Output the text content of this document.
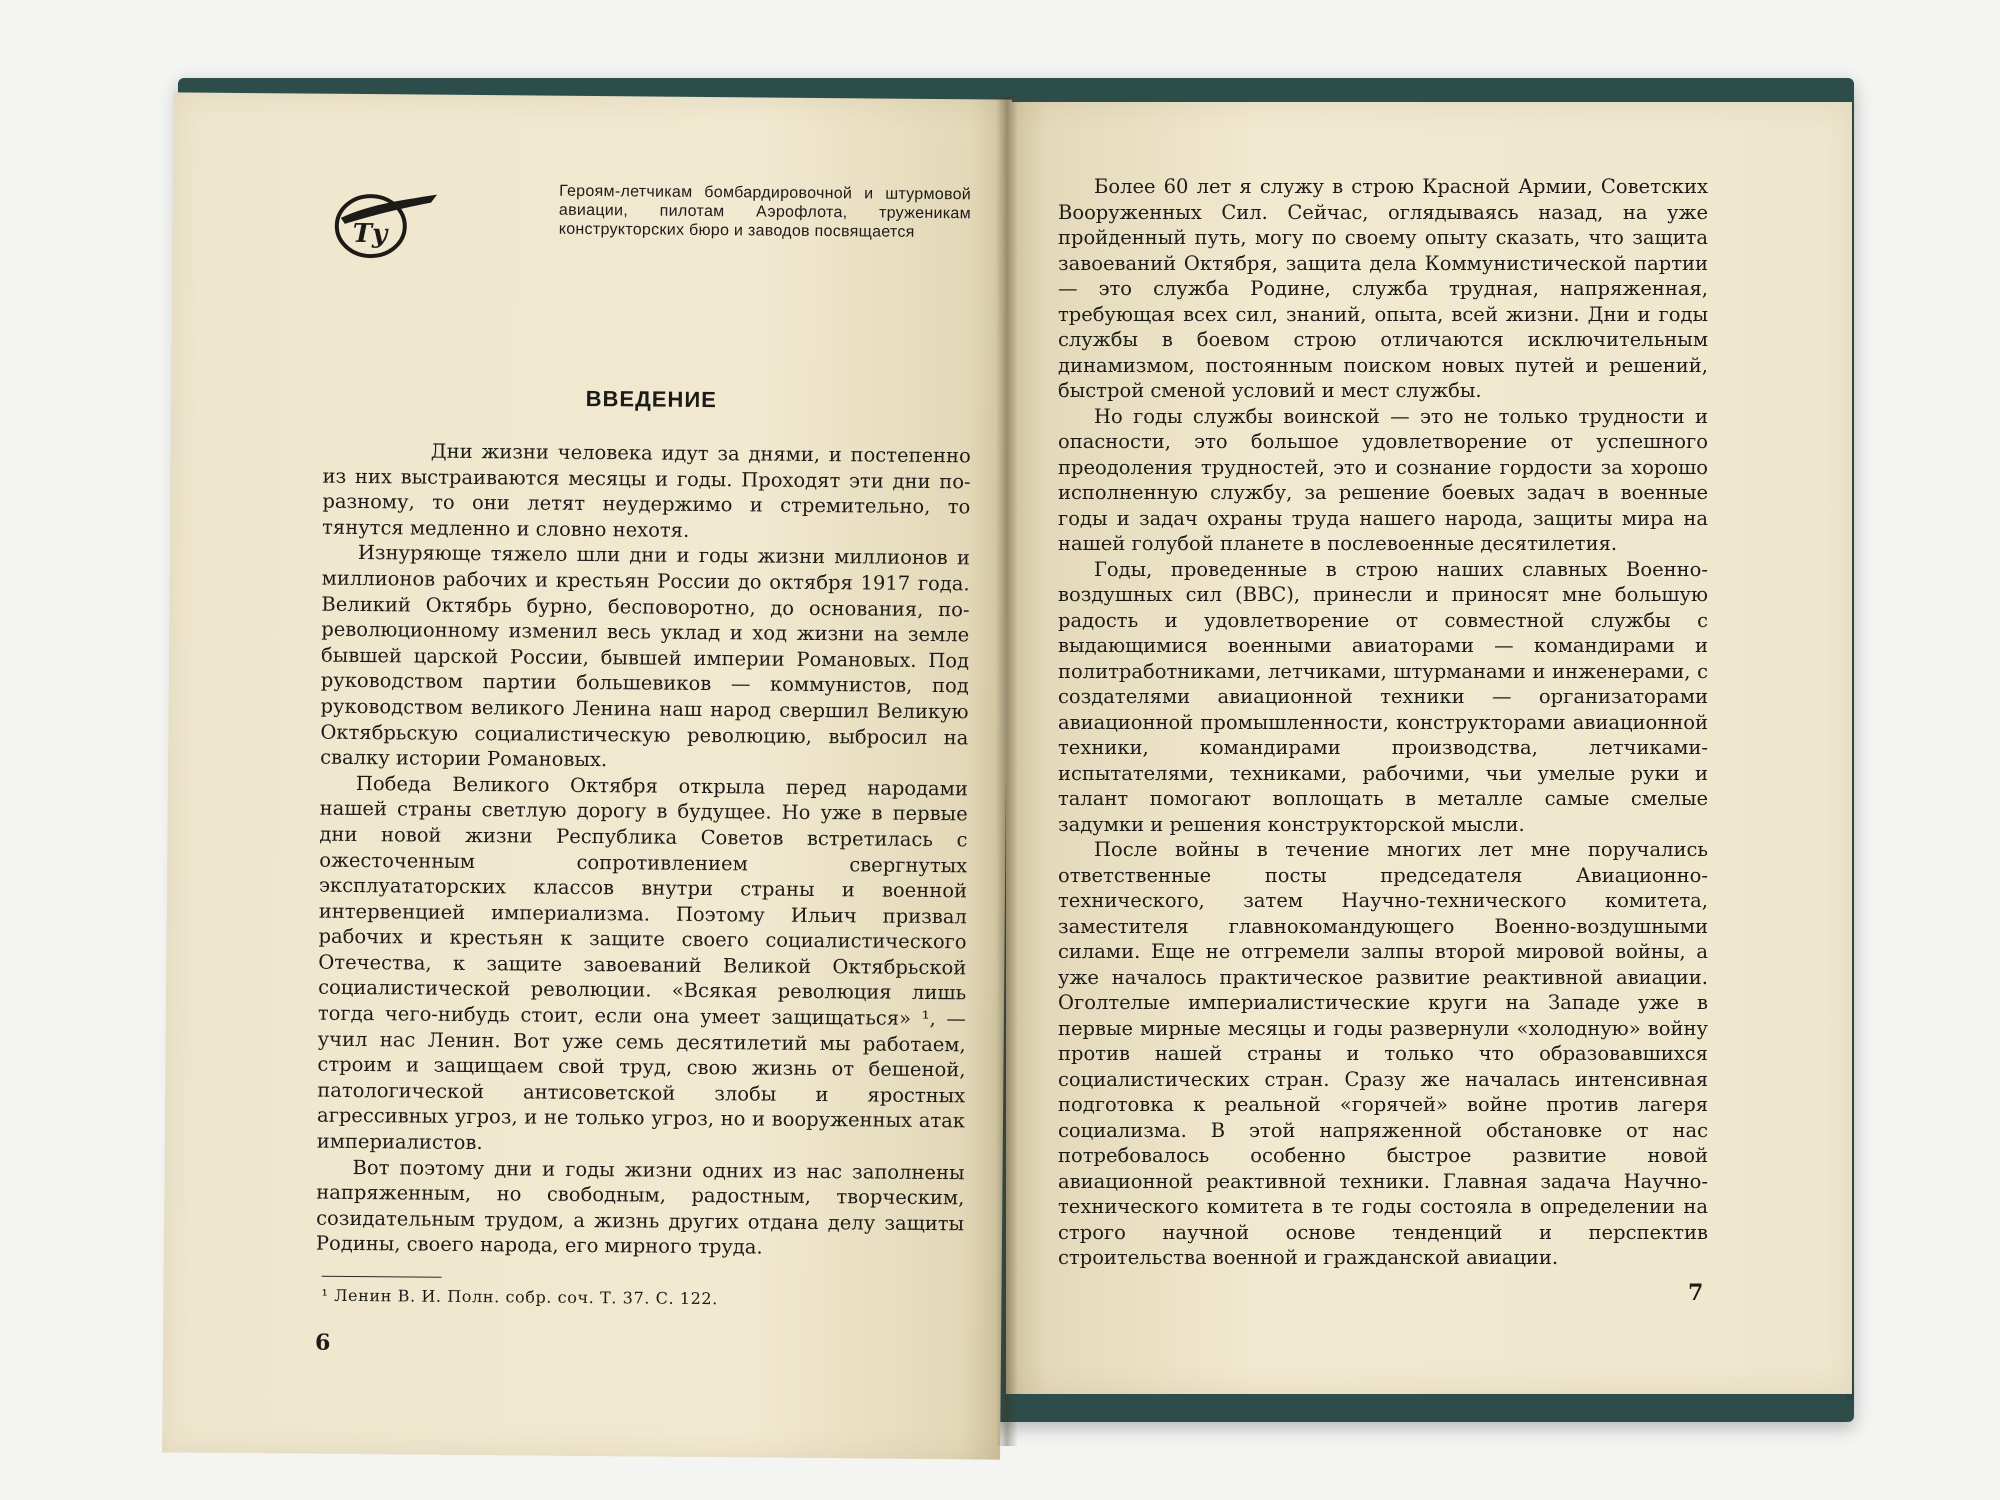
Ту
Героям-летчикам бомбардировочной и штурмовой авиации, пилотам Аэрофлота, труженикам конструкторских бюро и заводов посвящается
ВВЕДЕНИЕ

Дни жизни человека идут за днями, и постепенно из них выстраиваются месяцы и годы. Проходят эти дни по-разному, то они летят неудержимо и стремительно, то тянутся медленно и словно нехотя.

Изнуряюще тяжело шли дни и годы жизни миллионов и миллионов рабочих и крестьян России до октября 1917 года. Великий Октябрь бурно, бесповоротно, до основания, по-революционному изменил весь уклад и ход жизни на земле бывшей царской России, бывшей империи Романовых. Под руководством партии большевиков — коммунистов, под руководством великого Ленина наш народ свершил Великую Октябрьскую социалистическую революцию, выбросил на свалку истории Романовых.

Победа Великого Октября открыла перед народами нашей страны светлую дорогу в будущее. Но уже в первые дни новой жизни Республика Советов встретилась с ожесточенным сопротивлением свергнутых эксплуататорских классов внутри страны и военной интервенцией империализма. Поэтому Ильич призвал рабочих и крестьян к защите своего социалистического Отечества, к защите завоеваний Великой Октябрьской социалистической революции. «Всякая революция лишь тогда чего-нибудь стоит, если она умеет защищаться» ¹, — учил нас Ленин. Вот уже семь десятилетий мы работаем, строим и защищаем свой труд, свою жизнь от бешеной, патологической антисоветской злобы и яростных агрессивных угроз, и не только угроз, но и вооруженных атак империалистов.

Вот поэтому дни и годы жизни одних из нас заполнены напряженным, но свободным, радостным, творческим, созидательным трудом, а жизнь других отдана делу защиты Родины, своего народа, его мирного труда.

¹ Ленин В. И. Полн. собр. соч. Т. 37. С. 122.
6

Более 60 лет я служу в строю Красной Армии, Советских Вооруженных Сил. Сейчас, оглядываясь назад, на уже пройденный путь, могу по своему опыту сказать, что защита завоеваний Октября, защита дела Коммунистической партии — это служба Родине, служба трудная, напряженная, требующая всех сил, знаний, опыта, всей жизни. Дни и годы службы в боевом строю отличаются исключительным динамизмом, постоянным поиском новых путей и решений, быстрой сменой условий и мест службы.

Но годы службы воинской — это не только трудности и опасности, это большое удовлетворение от успешного преодоления трудностей, это и сознание гордости за хорошо исполненную службу, за решение боевых задач в военные годы и задач охраны труда нашего народа, защиты мира на нашей голубой планете в послевоенные десятилетия.

Годы, проведенные в строю наших славных Военно-воздушных сил (ВВС), принесли и приносят мне большую радость и удовлетворение от совместной службы с выдающимися военными авиаторами — командирами и политработниками, летчиками, штурманами и инженерами, с создателями авиационной техники — организаторами авиационной промышленности, конструкторами авиационной техники, командирами производства, летчиками-испытателями, техниками, рабочими, чьи умелые руки и талант помогают воплощать в металле самые смелые задумки и решения конструкторской мысли.

После войны в течение многих лет мне поручались ответственные посты председателя Авиационно-технического, затем Научно-технического комитета, заместителя главнокомандующего Военно-воздушными силами. Еще не отгремели залпы второй мировой войны, а уже началось практическое развитие реактивной авиации. Оголтелые империалистические круги на Западе уже в первые мирные месяцы и годы развернули «холодную» войну против нашей страны и только что образовавшихся социалистических стран. Сразу же началась интенсивная подготовка к реальной «горячей» войне против лагеря социализма. В этой напряженной обстановке от нас потребовалось особенно быстрое развитие новой авиационной реактивной техники. Главная задача Научно-технического комитета в те годы состояла в определении на строго научной основе тенденций и перспектив строительства военной и гражданской авиации.

7
